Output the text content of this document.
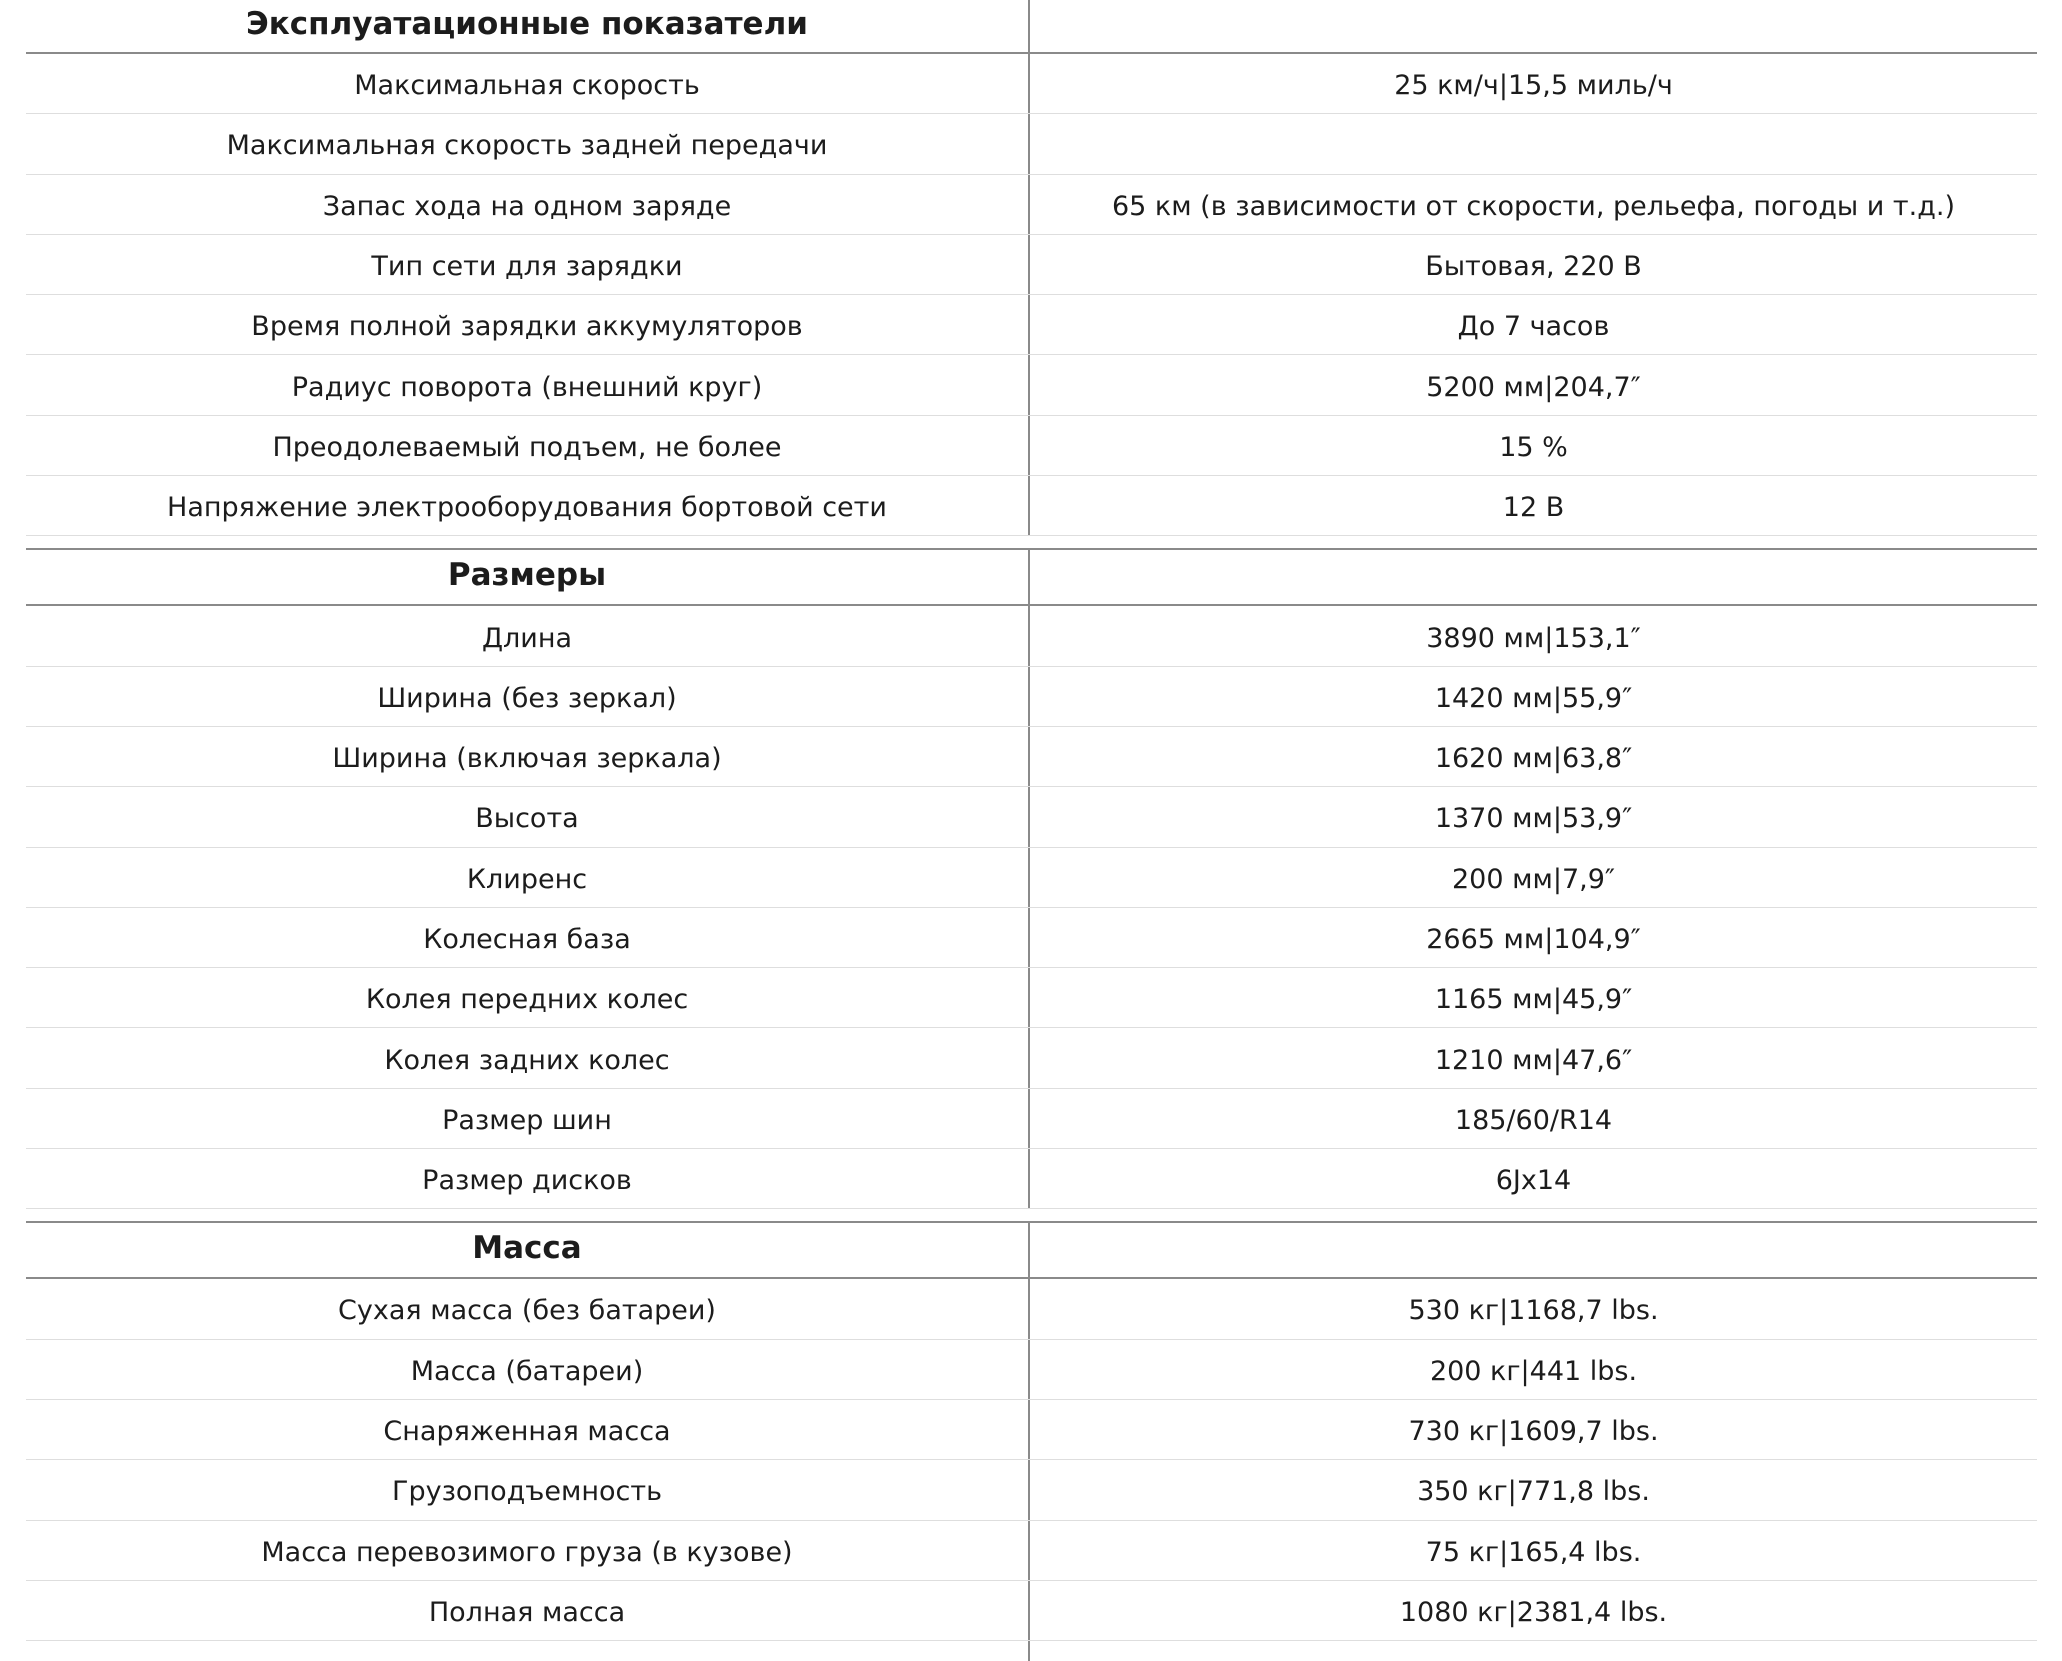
Эксплуатационные показатели
Максимальная скорость	25 км/ч|15,5 миль/ч
Максимальная скорость задней передачи
Запас хода на одном заряде	65 км (в зависимости от скорости, рельефа, погоды и т.д.)
Тип сети для зарядки	Бытовая, 220 В
Время полной зарядки аккумуляторов	До 7 часов
Радиус поворота (внешний круг)	5200 мм|204,7″
Преодолеваемый подъем, не более	15 %
Напряжение электрооборудования бортовой сети	12 В
Размеры
Длина	3890 мм|153,1″
Ширина (без зеркал)	1420 мм|55,9″
Ширина (включая зеркала)	1620 мм|63,8″
Высота	1370 мм|53,9″
Клиренс	200 мм|7,9″
Колесная база	2665 мм|104,9″
Колея передних колес	1165 мм|45,9″
Колея задних колес	1210 мм|47,6″
Размер шин	185/60/R14
Размер дисков	6Jx14
Масса
Сухая масса (без батареи)	530 кг|1168,7 lbs.
Масса (батареи)	200 кг|441 lbs.
Снаряженная масса	730 кг|1609,7 lbs.
Грузоподъемность	350 кг|771,8 lbs.
Масса перевозимого груза (в кузове)	75 кг|165,4 lbs.
Полная масса	1080 кг|2381,4 lbs.
